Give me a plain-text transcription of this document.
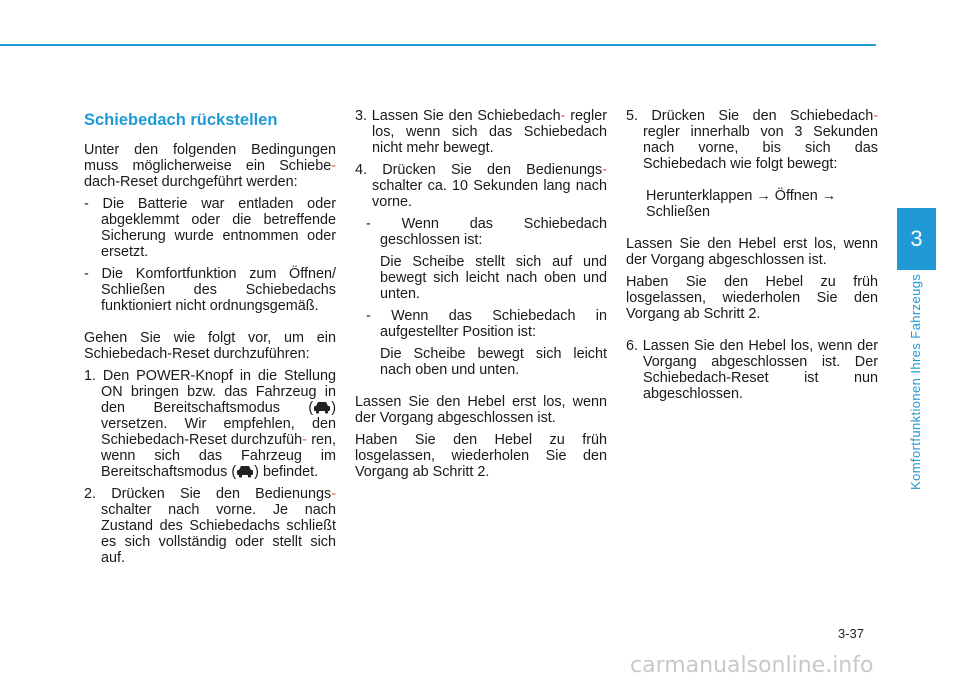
3
Komfortfunktionen Ihres Fahrzeugs

Schiebedach rückstellen

Unter den folgenden Bedingungen muss möglicherweise ein Schiebe- dach-Reset durchgeführt werden:

- Die Batterie war entladen oder abgeklemmt oder die betreffende Sicherung wurde entnommen oder ersetzt.

- Die Komfortfunktion zum Öffnen/ Schließen des Schiebedachs funktioniert nicht ordnungsgemäß.

Gehen Sie wie folgt vor, um ein Schiebedach-Reset durchzuführen:

1. Den POWER-Knopf in die Stellung ON bringen bzw. das Fahrzeug in den Bereitschaftsmodus ( ) versetzen. Wir empfehlen, den Schiebedach-Reset durchzufüh- ren, wenn sich das Fahrzeug im Bereitschaftsmodus ( ) befindet.

2. Drücken Sie den Bedienungs- schalter nach vorne. Je nach Zustand des Schiebedachs schließt es sich vollständig oder stellt sich auf.

3. Lassen Sie den Schiebedach- regler los, wenn sich das Schiebedach nicht mehr bewegt.

4. Drücken Sie den Bedienungs- schalter ca. 10 Sekunden lang nach vorne.

- Wenn das Schiebedach geschlossen ist:

Die Scheibe stellt sich auf und bewegt sich leicht nach oben und unten.

- Wenn das Schiebedach in aufgestellter Position ist:

Die Scheibe bewegt sich leicht nach oben und unten.

Lassen Sie den Hebel erst los, wenn der Vorgang abgeschlossen ist.

Haben Sie den Hebel zu früh losgelassen, wiederholen Sie den Vorgang ab Schritt 2.

5. Drücken Sie den Schiebedach- regler innerhalb von 3 Sekunden nach vorne, bis sich das Schiebedach wie folgt bewegt:

Herunterklappen → Öffnen → Schließen

Lassen Sie den Hebel erst los, wenn der Vorgang abgeschlossen ist.

Haben Sie den Hebel zu früh losgelassen, wiederholen Sie den Vorgang ab Schritt 2.

6. Lassen Sie den Hebel los, wenn der Vorgang abgeschlossen ist. Der Schiebedach-Reset ist nun abgeschlossen.

3-37
carmanualsonline.info
